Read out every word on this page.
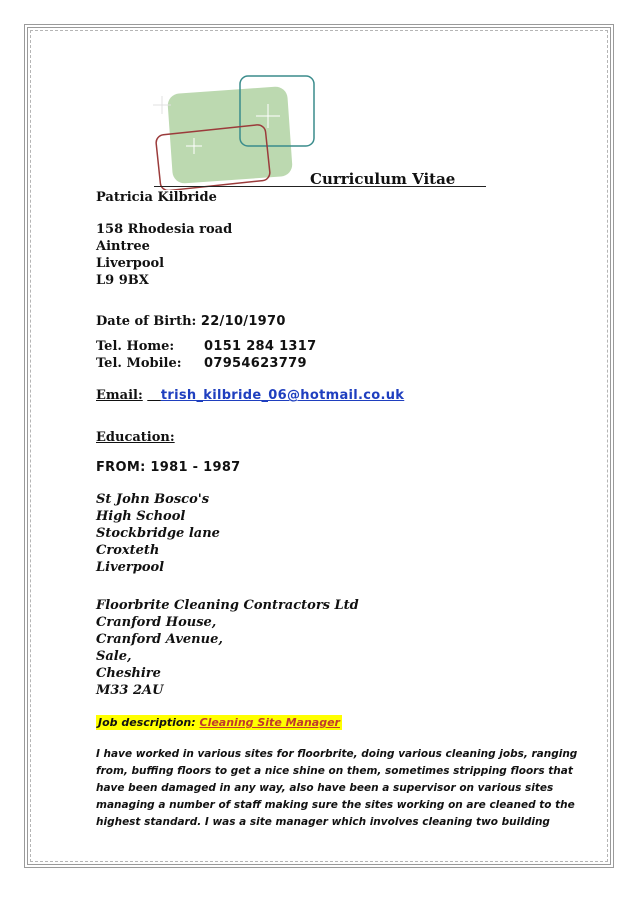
Curriculum Vitae
Patricia Kilbride
158 Rhodesia road
Aintree
Liverpool
L9 9BX
Date of Birth: 22/10/1970
Tel. Home: 0151 284 1317
Tel. Mobile: 07954623779
Email: trish_kilbride_06@hotmail.co.uk
Education:
FROM: 1981 - 1987
St John Bosco's
High School
Stockbridge lane
Croxteth
Liverpool
Floorbrite Cleaning Contractors Ltd
Cranford House,
Cranford Avenue,
Sale,
Cheshire
M33 2AU
Job description: Cleaning Site Manager
I have worked in various sites for floorbrite, doing various cleaning jobs, ranging
from, buffing floors to get a nice shine on them, sometimes stripping floors that
have been damaged in any way, also have been a supervisor on various sites
managing a number of staff making sure the sites working on are cleaned to the
highest standard. I was a site manager which involves cleaning two building
